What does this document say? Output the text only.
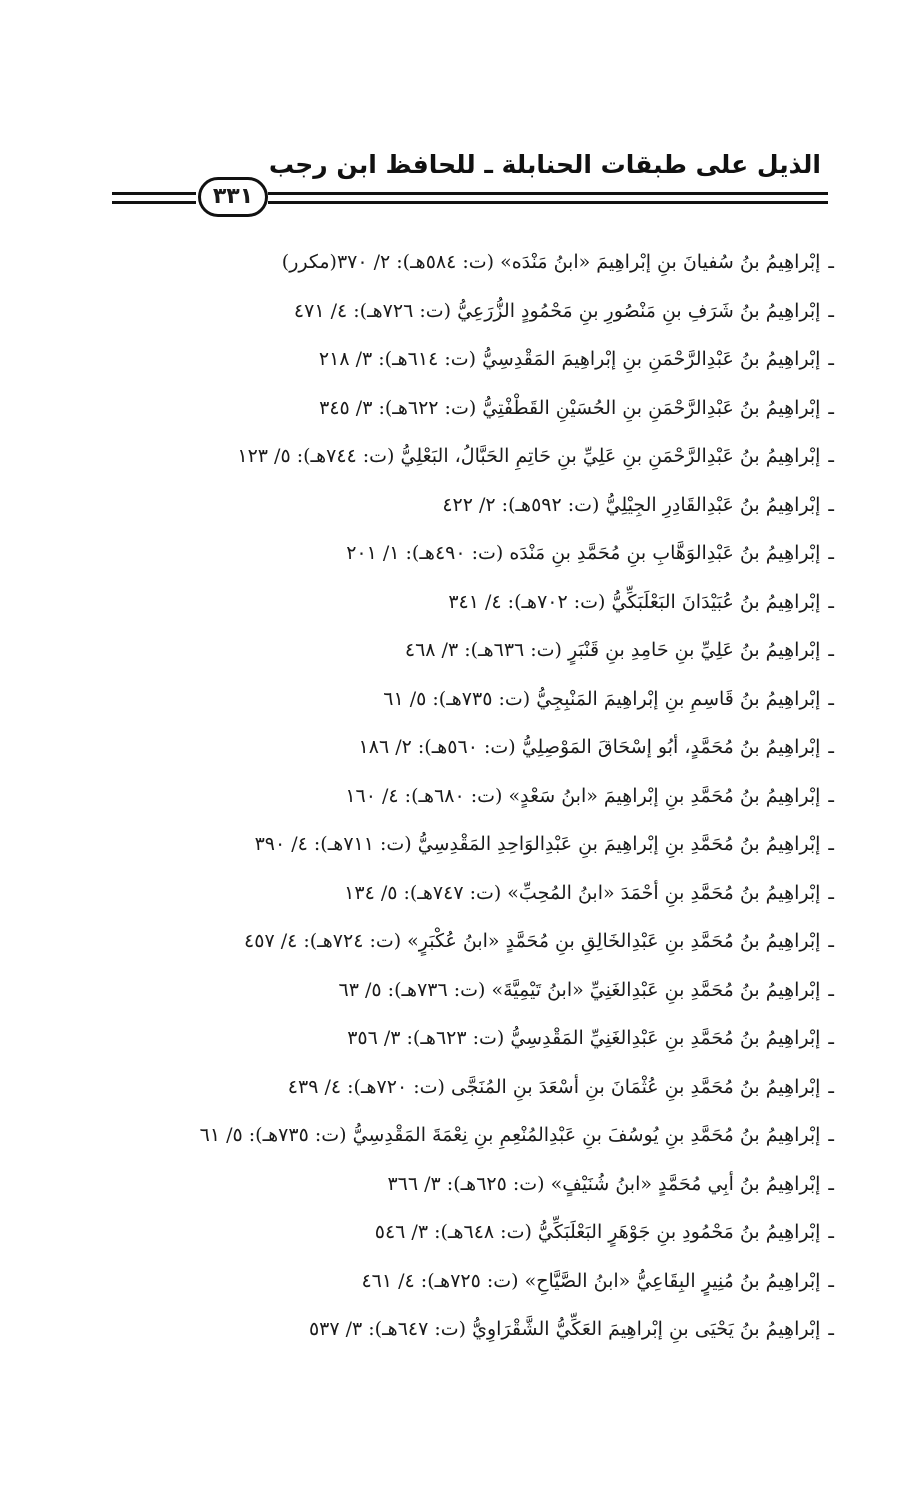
الذيل على طبقات الحنابلة ـ للحافظ ابن رجب
٣٣١
ـإبْراهِيمُ بنُ سُفيانَ بنِ إبْراهِيمَ «ابنُ مَنْدَه» (ت: ٥٨٤هـ): ٢/ ٣٧٠(مكرر)
ـإبْراهِيمُ بنُ شَرَفِ بنِ مَنْصُورِ بنِ مَحْمُودٍ الزُّرَعِيُّ (ت: ٧٢٦هـ): ٤/ ٤٧١
ـإبْراهِيمُ بنُ عَبْدِالرَّحْمَنِ بنِ إبْراهِيمَ المَقْدِسِيُّ (ت: ٦١٤هـ): ٣/ ٢١٨
ـإبْراهِيمُ بنُ عَبْدِالرَّحْمَنِ بنِ الحُسَيْنِ القَطْفْتِيُّ (ت: ٦٢٢هـ): ٣/ ٣٤٥
ـإبْراهِيمُ بنُ عَبْدِالرَّحْمَنِ بنِ عَلِيِّ بنِ حَاتِمِ الحَبَّالُ، البَعْلِيُّ (ت: ٧٤٤هـ): ٥/ ١٢٣
ـإبْراهِيمُ بنُ عَبْدِالقَادِرِ الجِيْلِيُّ (ت: ٥٩٢هـ): ٢/ ٤٢٢
ـإبْراهِيمُ بنُ عَبْدِالوَهَّابِ بنِ مُحَمَّدِ بنِ مَنْدَه (ت: ٤٩٠هـ): ١/ ٢٠١
ـإبْراهِيمُ بنُ عُبَيْدَانَ البَعْلَبَكِّيُّ (ت: ٧٠٢هـ): ٤/ ٣٤١
ـإبْراهِيمُ بنُ عَلِيِّ بنِ حَامِدِ بنِ قَنْبَرٍ (ت: ٦٣٦هـ): ٣/ ٤٦٨
ـإبْراهِيمُ بنُ قَاسِمِ بنِ إبْراهِيمَ المَنْبِجِيُّ (ت: ٧٣٥هـ): ٥/ ٦١
ـإبْراهِيمُ بنُ مُحَمَّدٍ، أبُو إسْحَاقَ المَوْصِلِيُّ (ت: ٥٦٠هـ): ٢/ ١٨٦
ـإبْراهِيمُ بنُ مُحَمَّدِ بنِ إبْراهِيمَ «ابنُ سَعْدٍ» (ت: ٦٨٠هـ): ٤/ ١٦٠
ـإبْراهِيمُ بنُ مُحَمَّدِ بنِ إبْراهِيمَ بنِ عَبْدِالوَاحِدِ المَقْدِسِيُّ (ت: ٧١١هـ): ٤/ ٣٩٠
ـإبْراهِيمُ بنُ مُحَمَّدِ بنِ أحْمَدَ «ابنُ المُحِبِّ» (ت: ٧٤٧هـ): ٥/ ١٣٤
ـإبْراهِيمُ بنُ مُحَمَّدِ بنِ عَبْدِالخَالِقِ بنِ مُحَمَّدٍ «ابنُ عُكْبَرٍ» (ت: ٧٢٤هـ): ٤/ ٤٥٧
ـإبْراهِيمُ بنُ مُحَمَّدِ بنِ عَبْدِالغَنِيِّ «ابنُ تَيْمِيَّةَ» (ت: ٧٣٦هـ): ٥/ ٦٣
ـإبْراهِيمُ بنُ مُحَمَّدِ بنِ عَبْدِالغَنِيِّ المَقْدِسِيُّ (ت: ٦٢٣هـ): ٣/ ٣٥٦
ـإبْراهِيمُ بنُ مُحَمَّدِ بنِ عُثْمَانَ بنِ أسْعَدَ بنِ المُنَجَّى (ت: ٧٢٠هـ): ٤/ ٤٣٩
ـإبْراهِيمُ بنُ مُحَمَّدِ بنِ يُوسُفَ بنِ عَبْدِالمُنْعِمِ بنِ نِعْمَةَ المَقْدِسِيُّ (ت: ٧٣٥هـ): ٥/ ٦١
ـإبْراهِيمُ بنُ أبِي مُحَمَّدٍ «ابنُ شُنَيْفٍ» (ت: ٦٢٥هـ): ٣/ ٣٦٦
ـإبْراهِيمُ بنُ مَحْمُودِ بنِ جَوْهَرٍ البَعْلَبَكِّيُّ (ت: ٦٤٨هـ): ٣/ ٥٤٦
ـإبْراهِيمُ بنُ مُنِيرٍ البِقَاعِيُّ «ابنُ الصَّيَّاحِ» (ت: ٧٢٥هـ): ٤/ ٤٦١
ـإبْراهِيمُ بنُ يَحْيَى بنِ إبْراهِيمَ العَكِّيُّ الشَّقْرَاوِيُّ (ت: ٦٤٧هـ): ٣/ ٥٣٧
